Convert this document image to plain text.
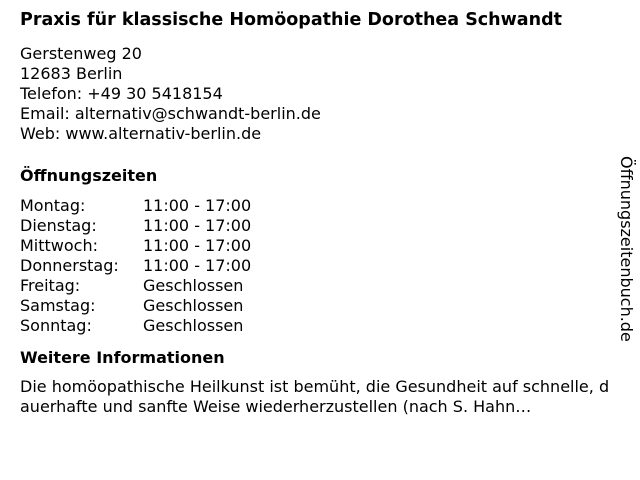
Praxis für klassische Homöopathie Dorothea Schwandt
Gerstenweg 20
12683 Berlin
Telefon: +49 30 5418154
Email: alternativ@schwandt-berlin.de
Web: www.alternativ-berlin.de
Öffnungszeiten
Montag:	11:00 - 17:00
Dienstag:	11:00 - 17:00
Mittwoch:	11:00 - 17:00
Donnerstag:	11:00 - 17:00
Freitag:	Geschlossen
Samstag:	Geschlossen
Sonntag:	Geschlossen
Weitere Informationen
Die homöopathische Heilkunst ist bemüht, die Gesundheit auf schnelle, dauerhafte und sanfte Weise wiederherzustellen (nach S. Hahn…
Öffnungszeitenbuch.de
